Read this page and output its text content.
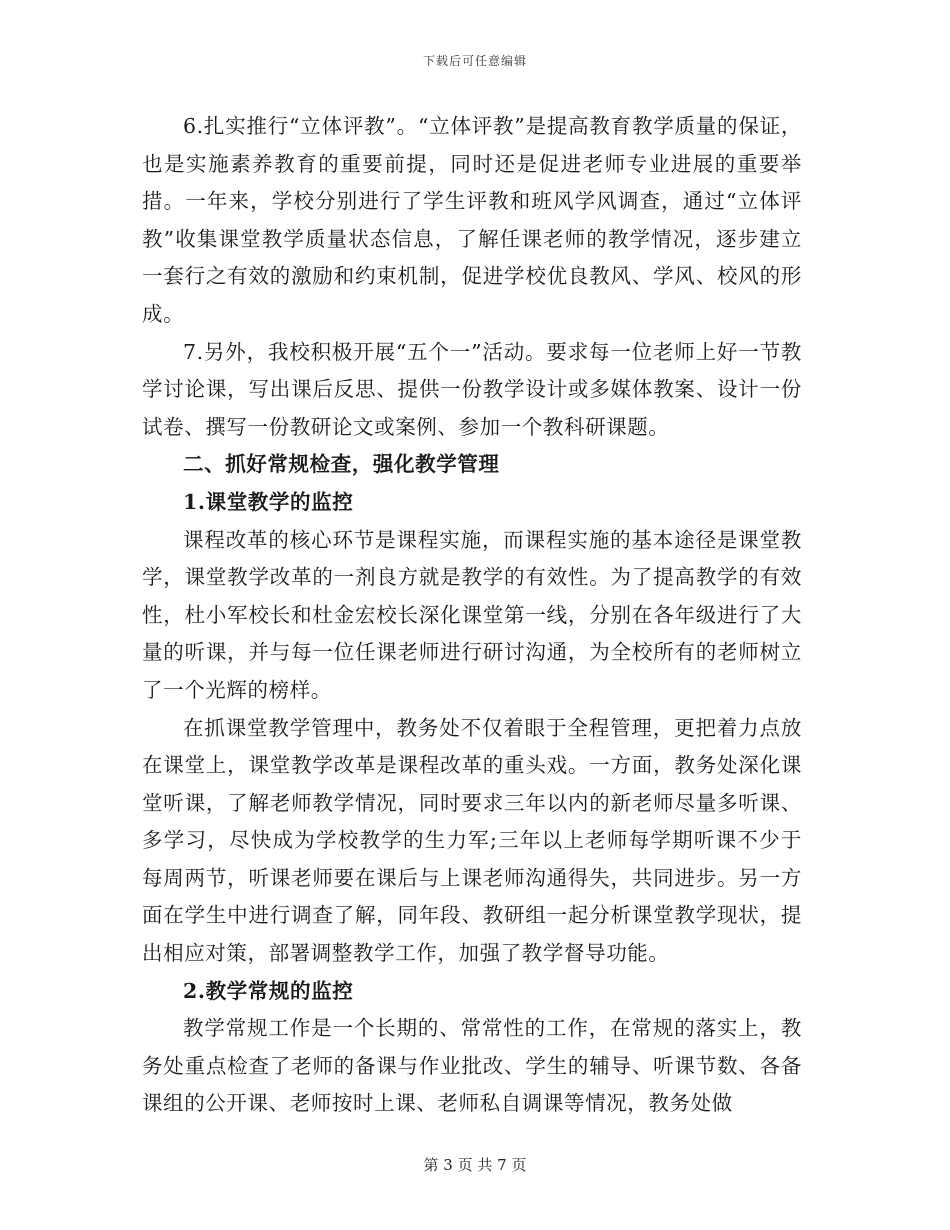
下载后可任意编辑

6.扎实推行“立体评教”。“立体评教”是提高教育教学质量的保证，也是实施素养教育的重要前提，同时还是促进老师专业进展的重要举措。一年来，学校分别进行了学生评教和班风学风调查，通过“立体评教”收集课堂教学质量状态信息，了解任课老师的教学情况，逐步建立一套行之有效的激励和约束机制，促进学校优良教风、学风、校风的形成。

7.另外，我校积极开展“五个一”活动。要求每一位老师上好一节教学讨论课，写出课后反思、提供一份教学设计或多媒体教案、设计一份试卷、撰写一份教研论文或案例、参加一个教科研课题。

二、抓好常规检查，强化教学管理

1.课堂教学的监控

课程改革的核心环节是课程实施，而课程实施的基本途径是课堂教学，课堂教学改革的一剂良方就是教学的有效性。为了提高教学的有效性，杜小军校长和杜金宏校长深化课堂第一线，分别在各年级进行了大量的听课，并与每一位任课老师进行研讨沟通，为全校所有的老师树立了一个光辉的榜样。

在抓课堂教学管理中，教务处不仅着眼于全程管理，更把着力点放在课堂上，课堂教学改革是课程改革的重头戏。一方面，教务处深化课堂听课，了解老师教学情况，同时要求三年以内的新老师尽量多听课、多学习，尽快成为学校教学的生力军;三年以上老师每学期听课不少于每周两节，听课老师要在课后与上课老师沟通得失，共同进步。另一方面在学生中进行调查了解，同年段、教研组一起分析课堂教学现状，提出相应对策，部署调整教学工作，加强了教学督导功能。

2.教学常规的监控

教学常规工作是一个长期的、常常性的工作，在常规的落实上，教务处重点检查了老师的备课与作业批改、学生的辅导、听课节数、各备课组的公开课、老师按时上课、老师私自调课等情况，教务处做

第 3 页 共 7 页
